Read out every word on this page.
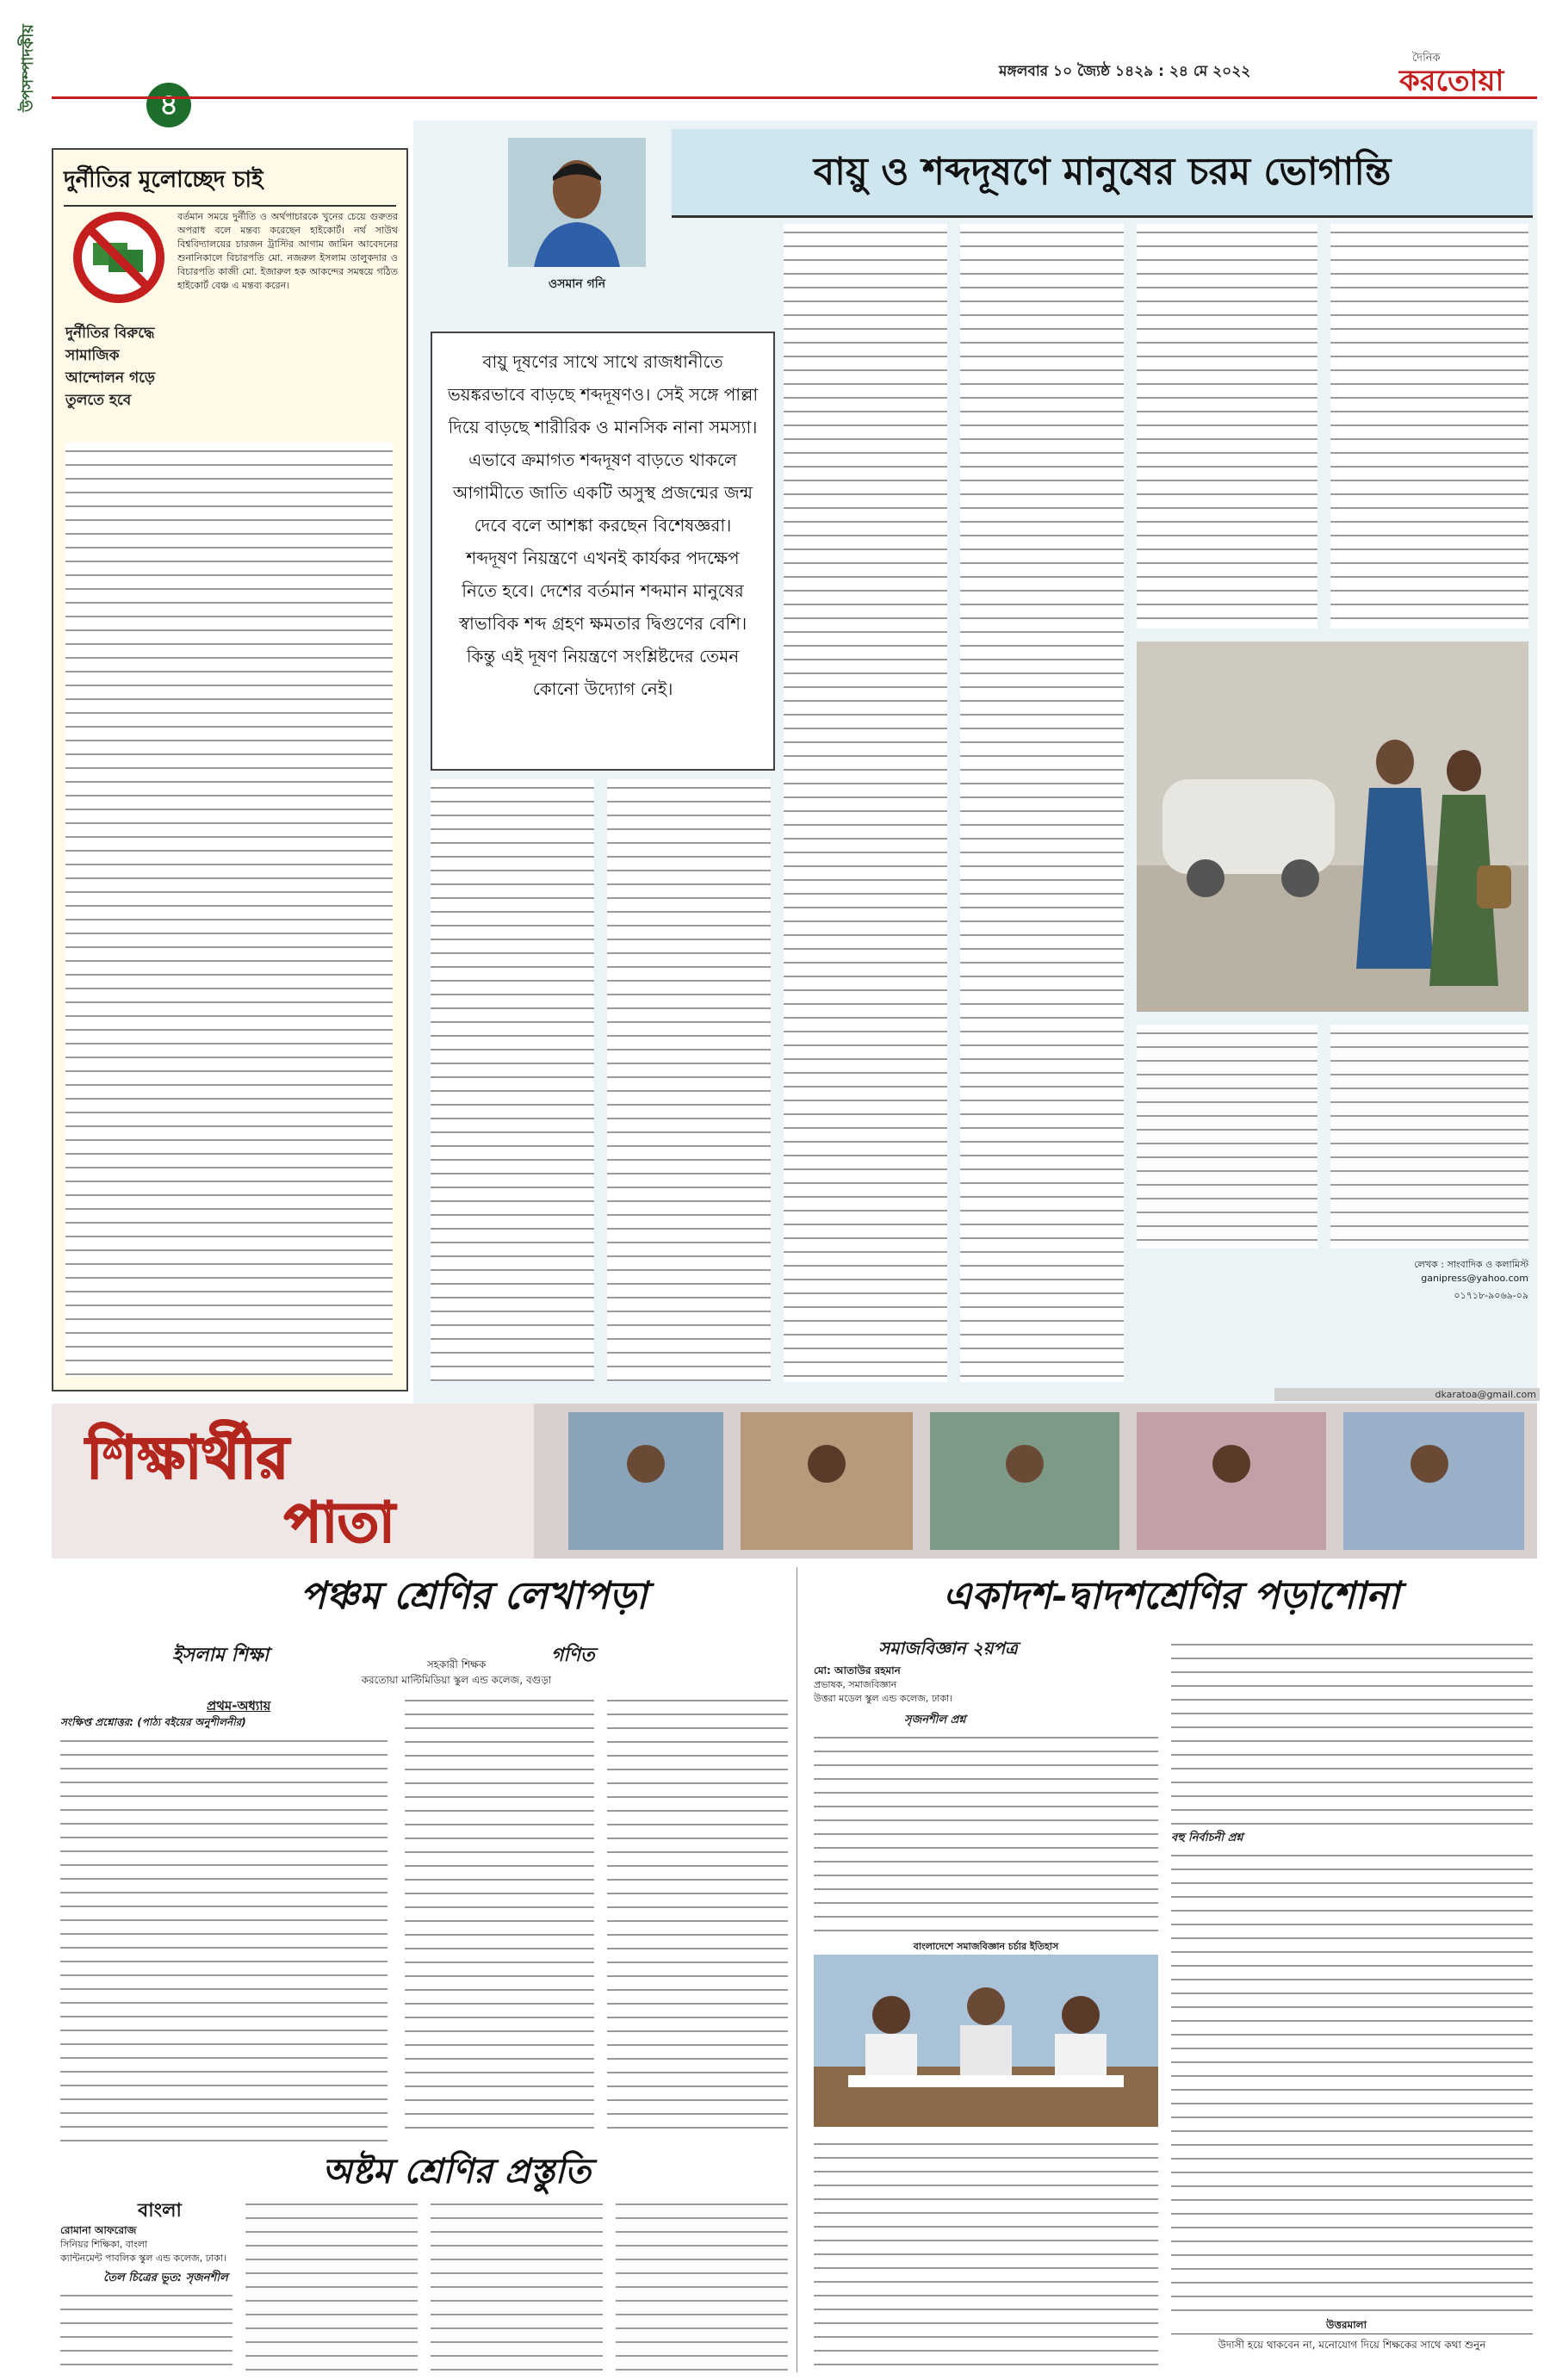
উপসম্পাদকীয়	৪
মঙ্গলবার ১০ জ্যৈষ্ঠ ১৪২৯ : ২৪ মে ২০২২
দৈনিক
করতোয়া
দুর্নীতির মূলোচ্ছেদ চাই
বর্তমান সময়ে দুর্নীতি ও অর্থপাচারকে খুনের চেয়ে গুরুতর অপরাধ বলে মন্তব্য করেছেন হাইকোর্ট। নর্থ সাউথ বিশ্ববিদ্যালয়ের চারজন ট্রাস্টির আগাম জামিন আবেদনের শুনানিকালে বিচারপতি মো. নজরুল ইসলাম তালুকদার ও বিচারপতি কাজী মো. ইজারুল হক আকন্দের সমন্বয়ে গঠিত হাইকোর্ট বেঞ্চ এ মন্তব্য করেন।
দুর্নীতির বিরুদ্ধে সামাজিক আন্দোলন গড়ে তুলতে হবে
বায়ু ও শব্দদূষণে মানুষের চরম ভোগান্তি
ওসমান গনি
বায়ু দূষণের সাথে সাথে রাজধানীতে ভয়ঙ্করভাবে বাড়ছে শব্দদূষণও। সেই সঙ্গে পাল্লা দিয়ে বাড়ছে শারীরিক ও মানসিক নানা সমস্যা। এভাবে ক্রমাগত শব্দদূষণ বাড়তে থাকলে আগামীতে জাতি একটি অসুস্থ প্রজন্মের জন্ম দেবে বলে আশঙ্কা করছেন বিশেষজ্ঞরা। শব্দদূষণ নিয়ন্ত্রণে এখনই কার্যকর পদক্ষেপ নিতে হবে। দেশের বর্তমান শব্দমান মানুষের স্বাভাবিক শব্দ গ্রহণ ক্ষমতার দ্বিগুণের বেশি। কিন্তু এই দূষণ নিয়ন্ত্রণে সংশ্লিষ্টদের তেমন কোনো উদ্যোগ নেই।
লেখক : সাংবাদিক ও কলামিস্ট
ganipress@yahoo.com
০১৭১৮-৯০৬৯-০৯
dkaratoa@gmail.com
শিক্ষার্থীর
পাতা
পঞ্চম শ্রেণির লেখাপড়া
ইসলাম শিক্ষা	গণিত
সহকারী শিক্ষক
করতোয়া মাল্টিমিডিয়া স্কুল এন্ড কলেজ, বগুড়া
প্রথম-অধ্যায়
সংক্ষিপ্ত প্রশ্নোত্তর: (পাঠ্য বইয়ের অনুশীলনীর)
অষ্টম শ্রেণির প্রস্তুতি
বাংলা
রোমানা আফরোজ
সিনিয়র শিক্ষিকা, বাংলা
ক্যান্টনমেন্ট পাবলিক স্কুল এন্ড কলেজ, ঢাকা।
তৈল চিত্রের ভূত: সৃজনশীল
একাদশ-দ্বাদশশ্রেণির পড়াশোনা
সমাজবিজ্ঞান ২য়পত্র
মো: আতাউর রহমান
প্রভাষক, সমাজবিজ্ঞান
উত্তরা মডেল স্কুল এন্ড কলেজ, ঢাকা।
সৃজনশীল প্রশ্ন
বাংলাদেশে সমাজবিজ্ঞান চর্চার ইতিহাস
বহু নির্বাচনী প্রশ্ন
উত্তরমালা
উদাসী হয়ে থাকবেন না, মনোযোগ দিয়ে শিক্ষকের সাথে কথা শুনুন
